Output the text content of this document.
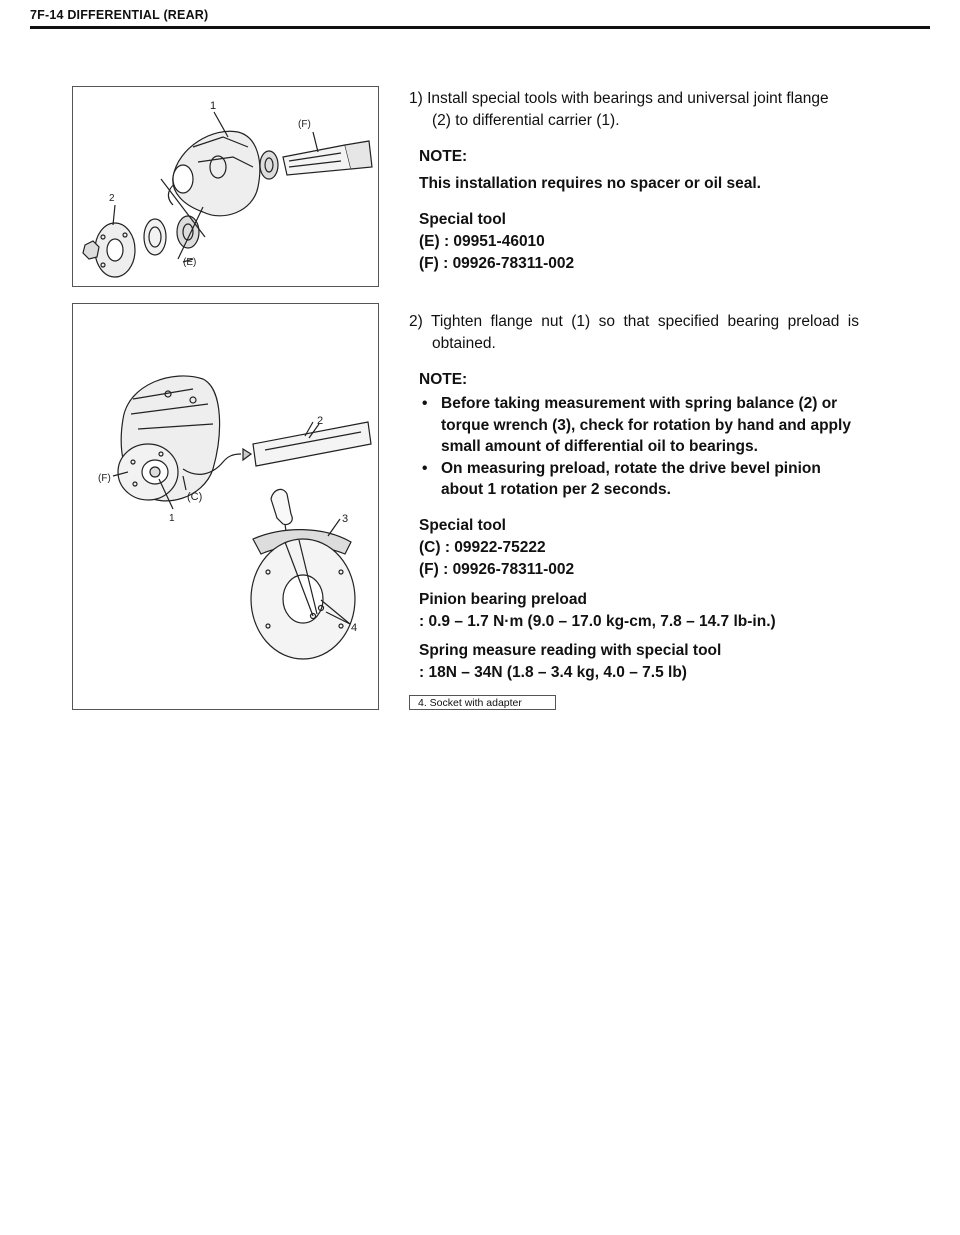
7F-14 DIFFERENTIAL (REAR)
1
(F)
2
(E)
1) Install special tools with bearings and universal joint flange
(2) to differential carrier (1).
NOTE:
This installation requires no spacer or oil seal.
Special tool
(E) : 09951-46010
(F) : 09926-78311-002
2
(F)
(C)
1	3
4
2) Tighten flange nut (1) so that specified bearing preload is
obtained.
NOTE:
• Before taking measurement with spring balance (2) or
torque wrench (3), check for rotation by hand and apply
small amount of differential oil to bearings.
• On measuring preload, rotate the drive bevel pinion
about 1 rotation per 2 seconds.
Special tool
(C) : 09922-75222
(F) : 09926-78311-002
Pinion bearing preload
: 0.9 – 1.7 N·m (9.0 – 17.0 kg-cm, 7.8 – 14.7 lb-in.)
Spring measure reading with special tool
: 18N – 34N (1.8 – 3.4 kg, 4.0 – 7.5 lb)
4. Socket with adapter
